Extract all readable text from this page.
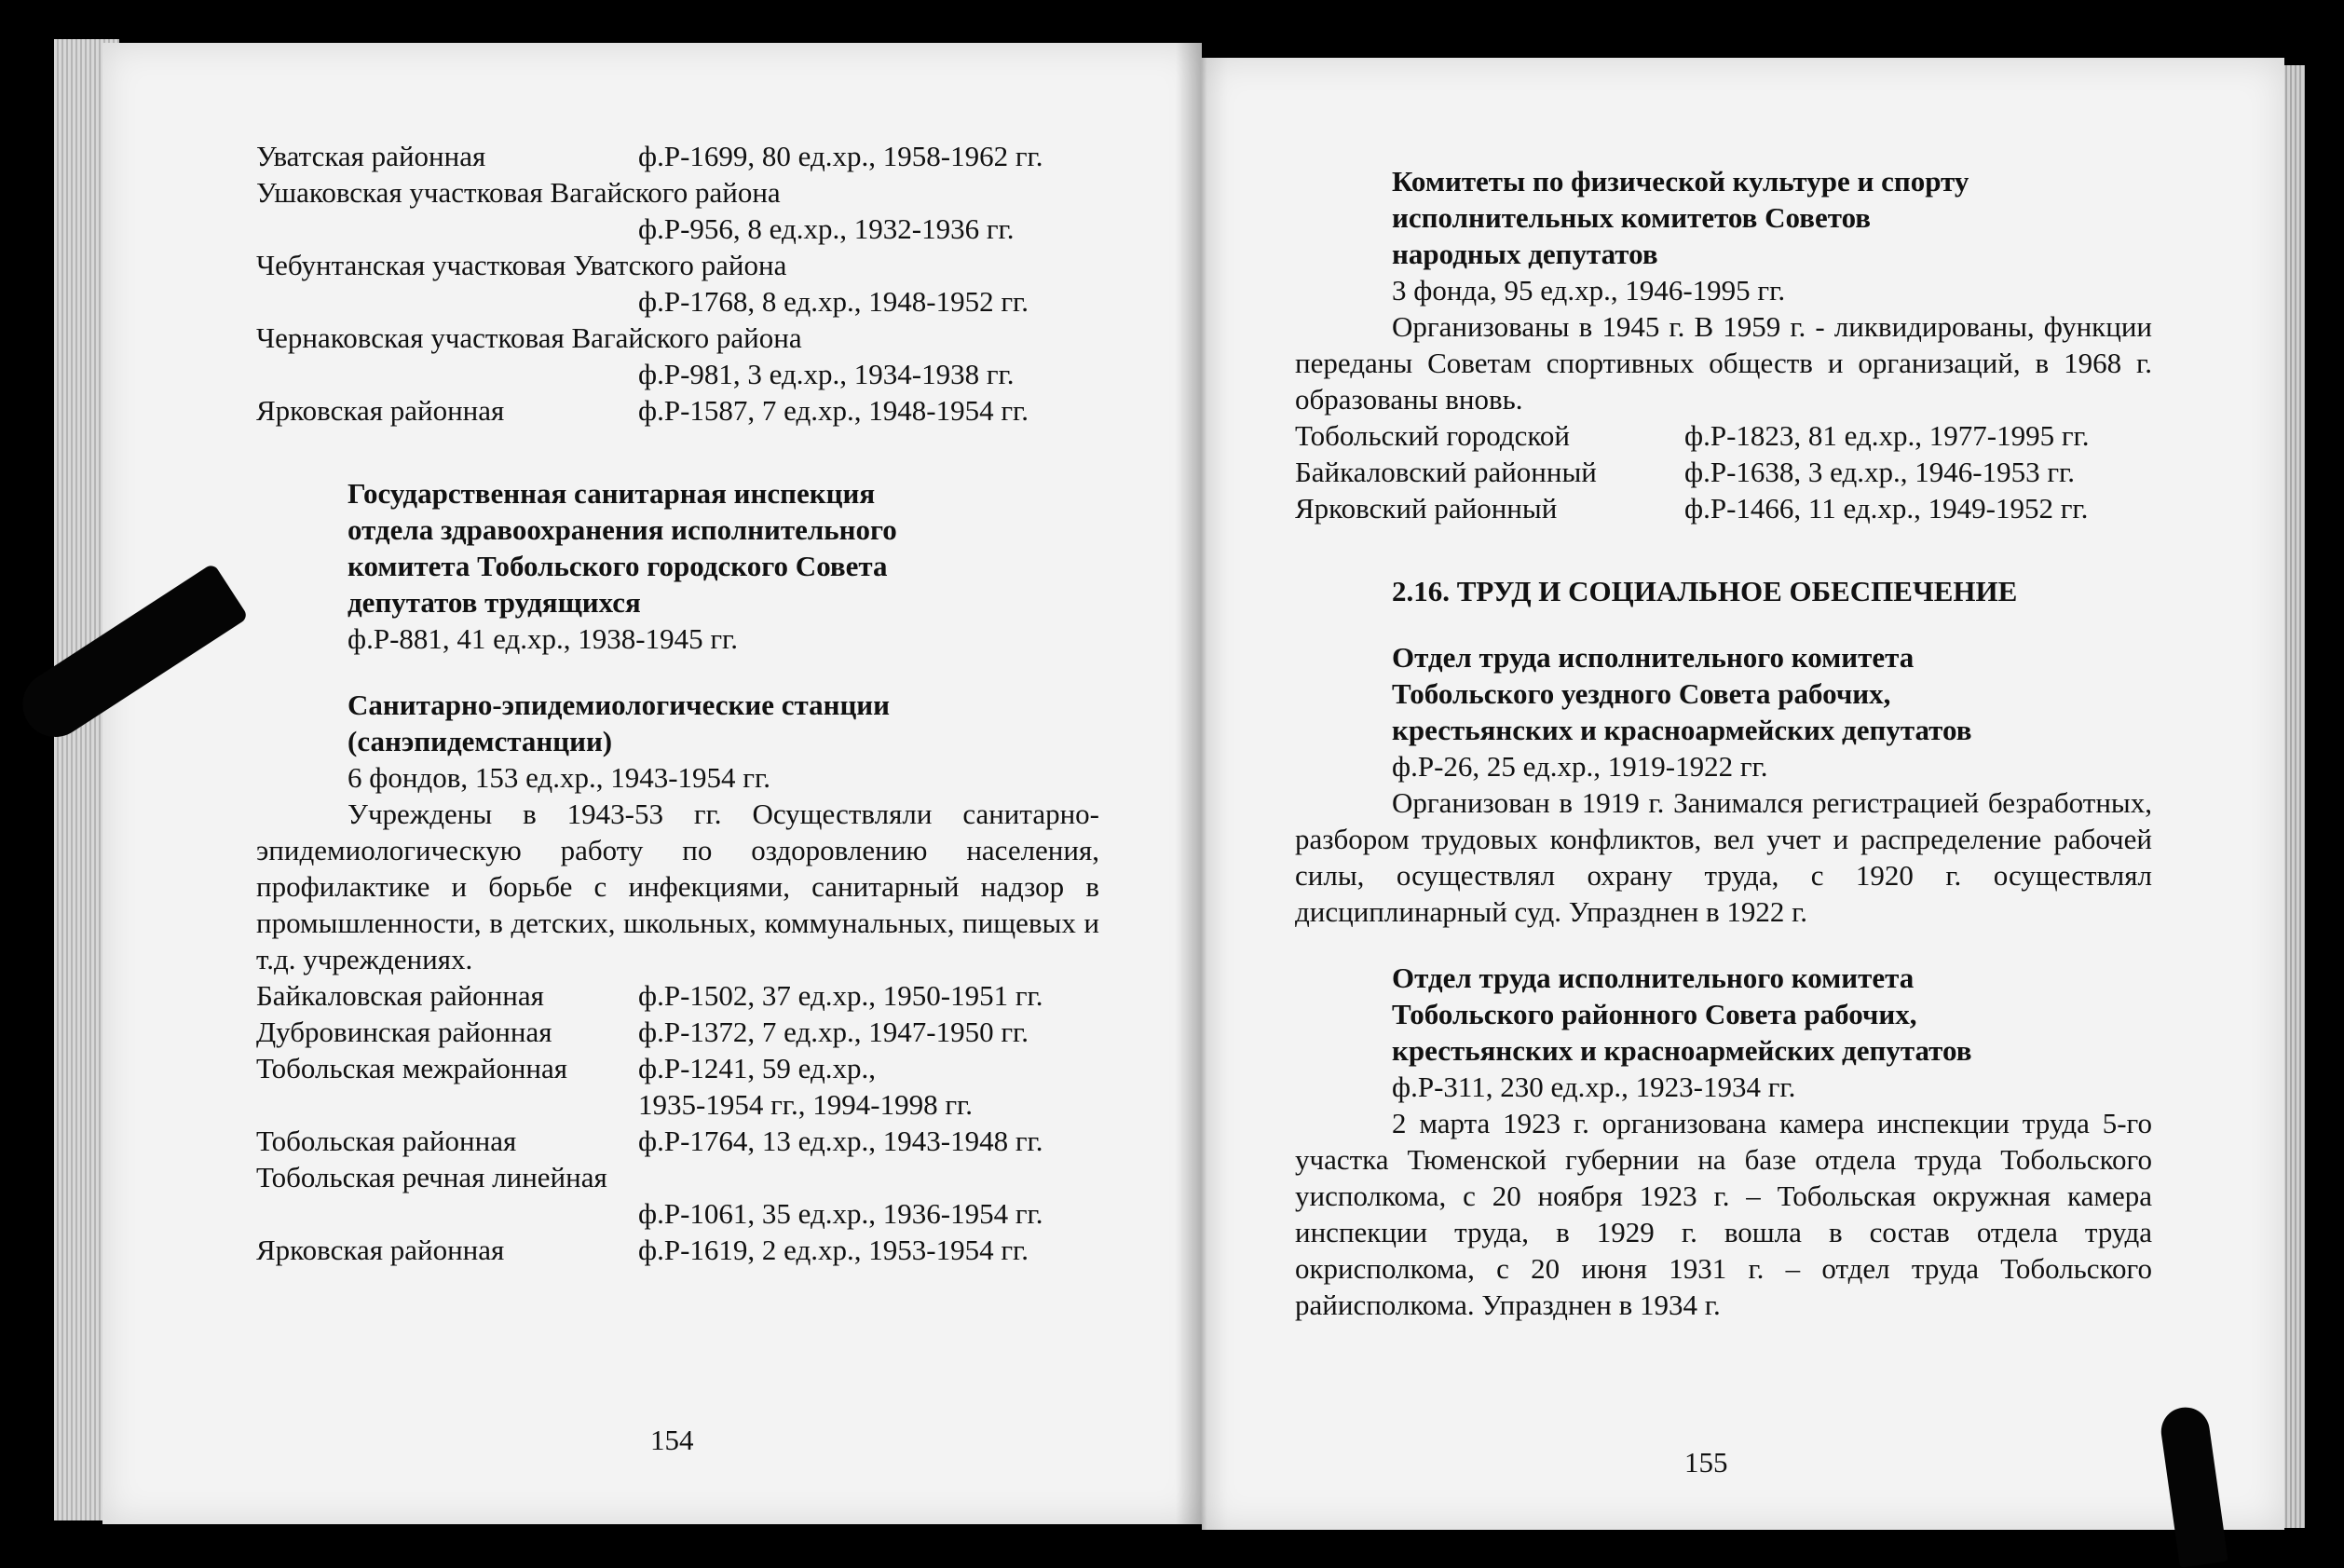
Уватская районная	ф.Р-1699, 80 ед.хр., 1958-1962 гг.
Ушаковская участковая Вагайского района
ф.Р-956, 8 ед.хр., 1932-1936 гг.
Чебунтанская участковая Уватского района
ф.Р-1768, 8 ед.хр., 1948-1952 гг.
Чернаковская участковая Вагайского района
ф.Р-981, 3 ед.хр., 1934-1938 гг.
Ярковская районная	ф.Р-1587, 7 ед.хр., 1948-1954 гг.
Государственная санитарная инспекция
отдела здравоохранения исполнительного
комитета Тобольского городского Совета
депутатов трудящихся
ф.Р-881, 41 ед.хр., 1938-1945 гг.
Санитарно-эпидемиологические станции
(санэпидемстанции)
6 фондов, 153 ед.хр., 1943-1954 гг.
Учреждены в 1943-53 гг. Осуществляли санитарно-эпидемиологическую работу по оздоровлению населения, профилактике и борьбе с инфекциями, санитарный надзор в промышленности, в детских, школьных, коммунальных, пищевых и т.д. учреждениях.
Байкаловская районная	ф.Р-1502, 37 ед.хр., 1950-1951 гг.
Дубровинская районная	ф.Р-1372, 7 ед.хр., 1947-1950 гг.
Тобольская межрайонная	ф.Р-1241, 59 ед.хр.,
1935-1954 гг., 1994-1998 гг.
Тобольская районная	ф.Р-1764, 13 ед.хр., 1943-1948 гг.
Тобольская речная линейная
ф.Р-1061, 35 ед.хр., 1936-1954 гг.
Ярковская районная	ф.Р-1619, 2 ед.хр., 1953-1954 гг.
154
Комитеты по физической культуре и спорту
исполнительных комитетов Советов
народных депутатов
3 фонда, 95 ед.хр., 1946-1995 гг.
Организованы в 1945 г. В 1959 г. - ликвидированы, функции переданы Советам спортивных обществ и организаций, в 1968 г. образованы вновь.
Тобольский городской	ф.Р-1823, 81 ед.хр., 1977-1995 гг.
Байкаловский районный	ф.Р-1638, 3 ед.хр., 1946-1953 гг.
Ярковский районный	ф.Р-1466, 11 ед.хр., 1949-1952 гг.
2.16. ТРУД И СОЦИАЛЬНОЕ ОБЕСПЕЧЕНИЕ
Отдел труда исполнительного комитета
Тобольского уездного Совета рабочих,
крестьянских и красноармейских депутатов
ф.Р-26, 25 ед.хр., 1919-1922 гг.
Организован в 1919 г. Занимался регистрацией безработных, разбором трудовых конфликтов, вел учет и распределение рабочей силы, осуществлял охрану труда, с 1920 г. осуществлял дисциплинарный суд. Упразднен в 1922 г.
Отдел труда исполнительного комитета
Тобольского районного Совета рабочих,
крестьянских и красноармейских депутатов
ф.Р-311, 230 ед.хр., 1923-1934 гг.
2 марта 1923 г. организована камера инспекции труда 5-го участка Тюменской губернии на базе отдела труда Тобольского уисполкома, с 20 ноября 1923 г. – Тобольская окружная камера инспекции труда, в 1929 г. вошла в состав отдела труда окрисполкома, с 20 июня 1931 г. – отдел труда Тобольского райисполкома. Упразднен в 1934 г.
155
